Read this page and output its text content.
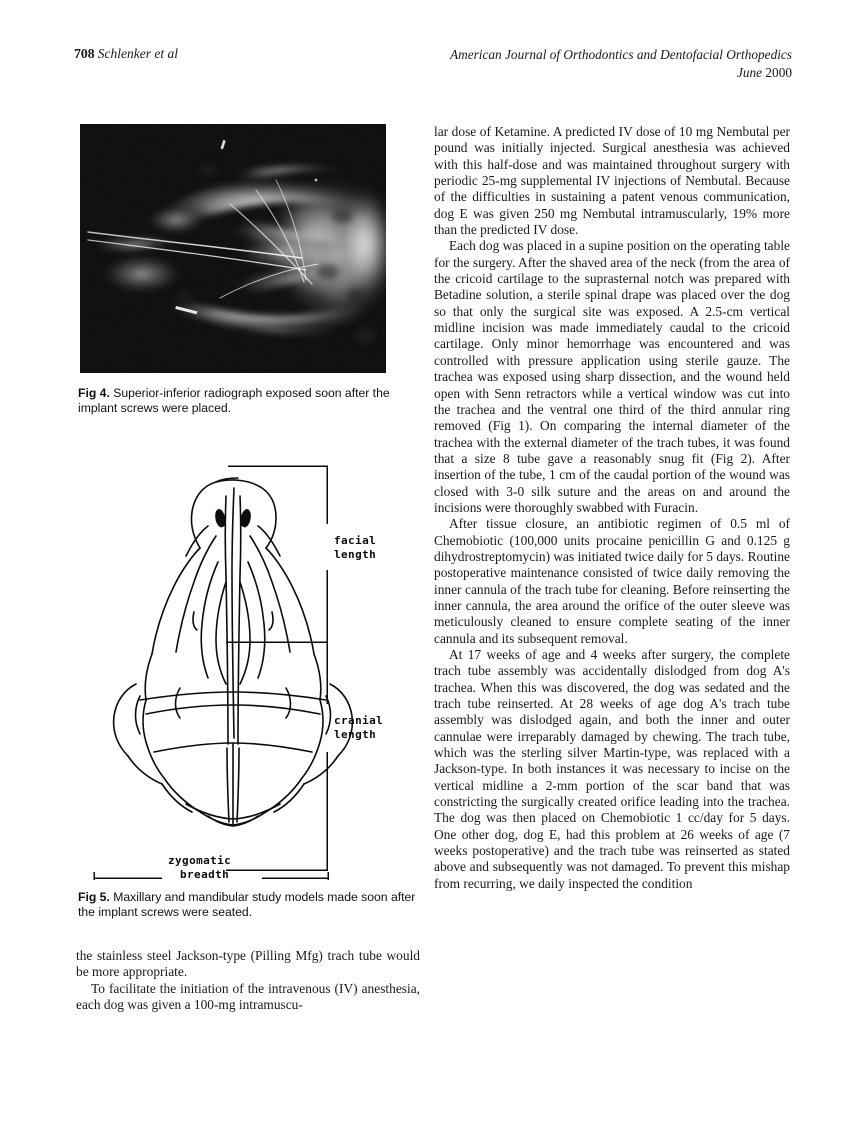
708 Schlenker et al	American Journal of Orthodontics and Dentofacial Orthopedics
June 2000
Fig 4. Superior-inferior radiograph exposed soon after the implant screws were placed.
facial
length
cranial
length
zygomatic
breadth
Fig 5. Maxillary and mandibular study models made soon after the implant screws were seated.

the stainless steel Jackson-type (Pilling Mfg) trach tube would be more appropriate.

To facilitate the initiation of the intravenous (IV) anesthesia, each dog was given a 100-mg intramuscu-

lar dose of Ketamine. A predicted IV dose of 10 mg Nembutal per pound was initially injected. Surgical anesthesia was achieved with this half-dose and was maintained throughout surgery with periodic 25-mg supplemental IV injections of Nembutal. Because of the difficulties in sustaining a patent venous communication, dog E was given 250 mg Nembutal intramuscularly, 19% more than the predicted IV dose.

Each dog was placed in a supine position on the operating table for the surgery. After the shaved area of the neck (from the area of the cricoid cartilage to the suprasternal notch was prepared with Betadine solution, a sterile spinal drape was placed over the dog so that only the surgical site was exposed. A 2.5-cm vertical midline incision was made immediately caudal to the cricoid cartilage. Only minor hemorrhage was encountered and was controlled with pressure application using sterile gauze. The trachea was exposed using sharp dissection, and the wound held open with Senn retractors while a vertical window was cut into the trachea and the ventral one third of the third annular ring removed (Fig 1). On comparing the internal diameter of the trachea with the external diameter of the trach tubes, it was found that a size 8 tube gave a reasonably snug fit (Fig 2). After insertion of the tube, 1 cm of the caudal portion of the wound was closed with 3-0 silk suture and the areas on and around the incisions were thoroughly swabbed with Furacin.

After tissue closure, an antibiotic regimen of 0.5 ml of Chemobiotic (100,000 units procaine penicillin G and 0.125 g dihydrostreptomycin) was initiated twice daily for 5 days. Routine postoperative maintenance consisted of twice daily removing the inner cannula of the trach tube for cleaning. Before reinserting the inner cannula, the area around the orifice of the outer sleeve was meticulously cleaned to ensure complete seating of the inner cannula and its subsequent removal.

At 17 weeks of age and 4 weeks after surgery, the complete trach tube assembly was accidentally dislodged from dog A's trachea. When this was discovered, the dog was sedated and the trach tube reinserted. At 28 weeks of age dog A's trach tube assembly was dislodged again, and both the inner and outer cannulae were irreparably damaged by chewing. The trach tube, which was the sterling silver Martin-type, was replaced with a Jackson-type. In both instances it was necessary to incise on the vertical midline a 2-mm portion of the scar band that was constricting the surgically created orifice leading into the trachea. The dog was then placed on Chemobiotic 1 cc/day for 5 days. One other dog, dog E, had this problem at 26 weeks of age (7 weeks postoperative) and the trach tube was reinserted as stated above and subsequently was not damaged. To prevent this mishap from recurring, we daily inspected the condition
